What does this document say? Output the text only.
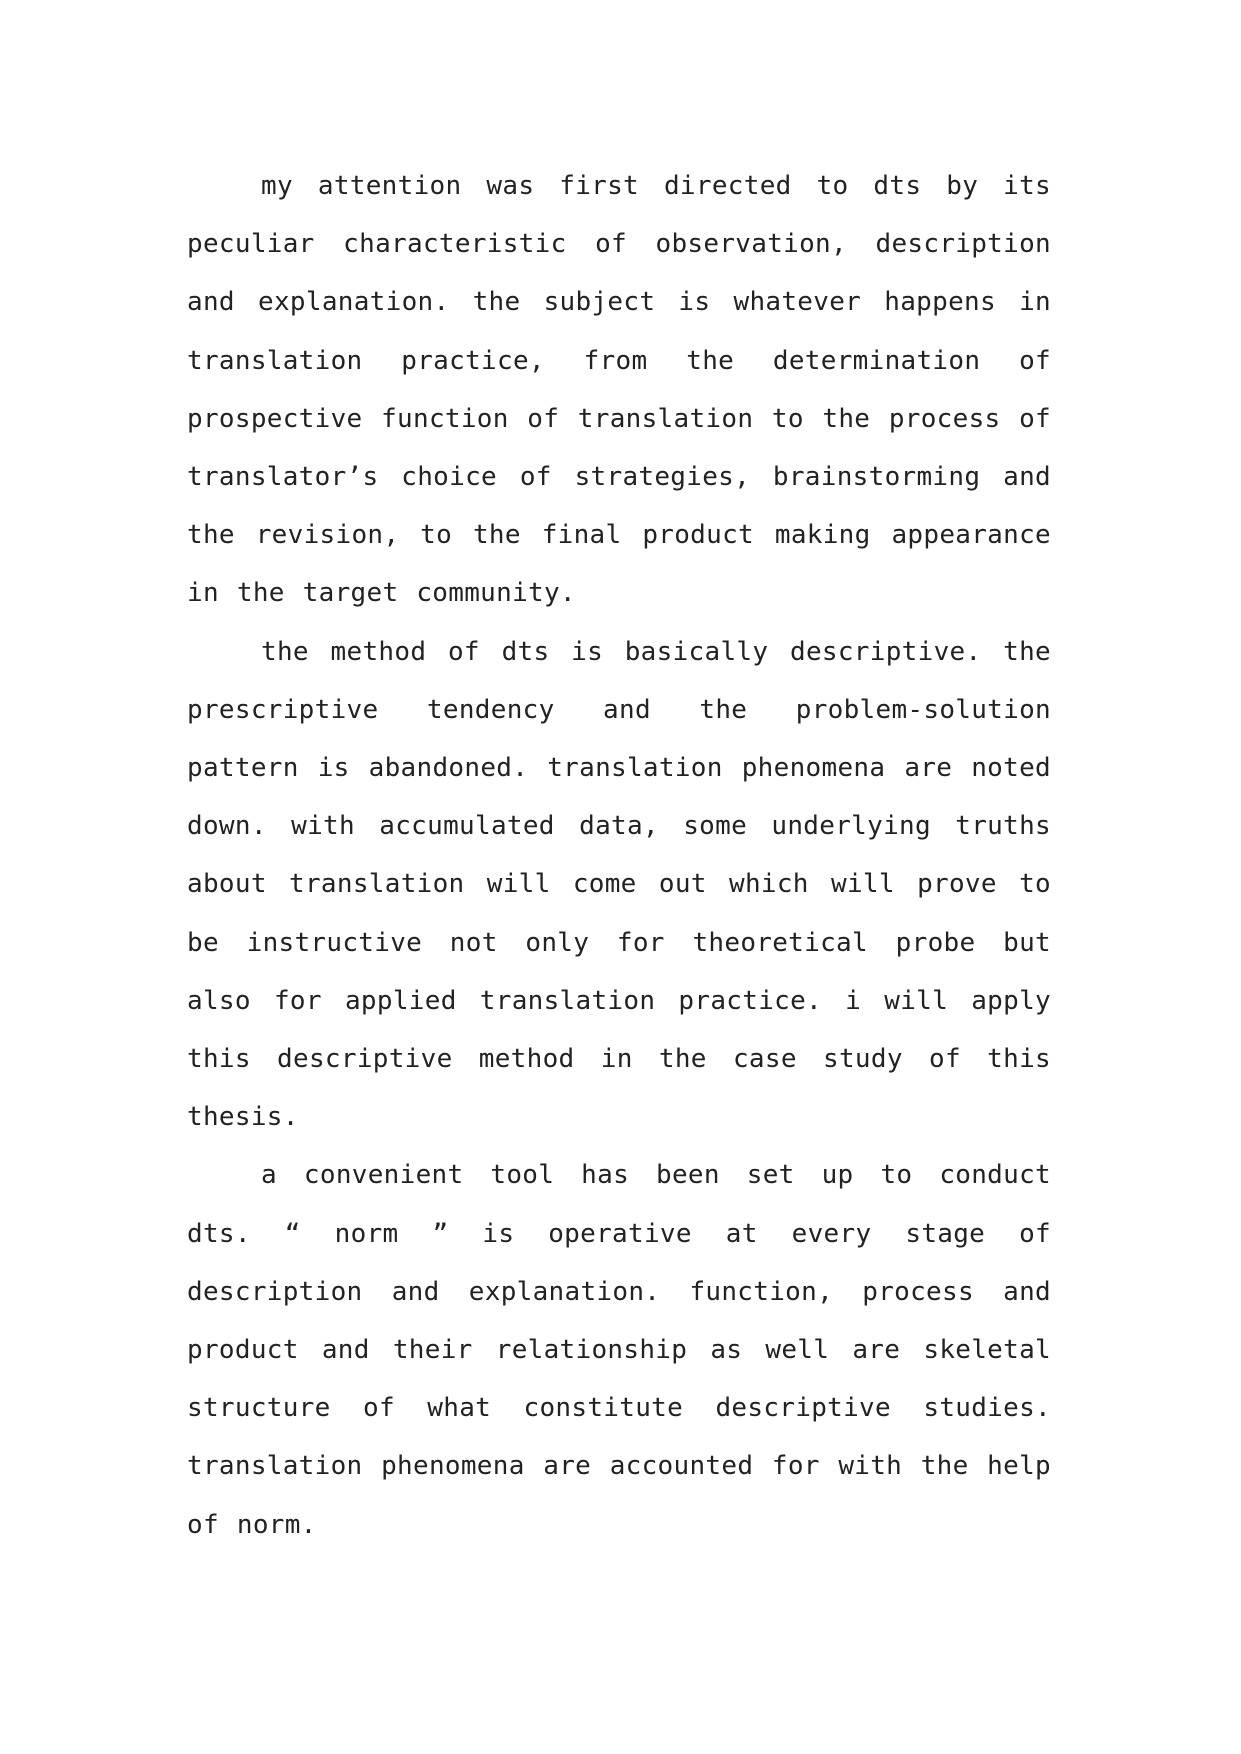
my attention was first directed to dts by its peculiar characteristic of observation, description and explanation. the subject is whatever happens in translation practice, from the determination of prospective function of translation to the process of translator’s choice of strategies, brainstorming and the revision, to the final product making appearance in the target community.

the method of dts is basically descriptive. the prescriptive tendency and the problem-solution pattern is abandoned. translation phenomena are noted down. with accumulated data, some underlying truths about translation will come out which will prove to be instructive not only for theoretical probe but also for applied translation practice. i will apply this descriptive method in the case study of this thesis.

a convenient tool has been set up to conduct dts. “ norm ” is operative at every stage of description and explanation. function, process and product and their relationship as well are skeletal structure of what constitute descriptive studies. translation phenomena are accounted for with the help of norm.
